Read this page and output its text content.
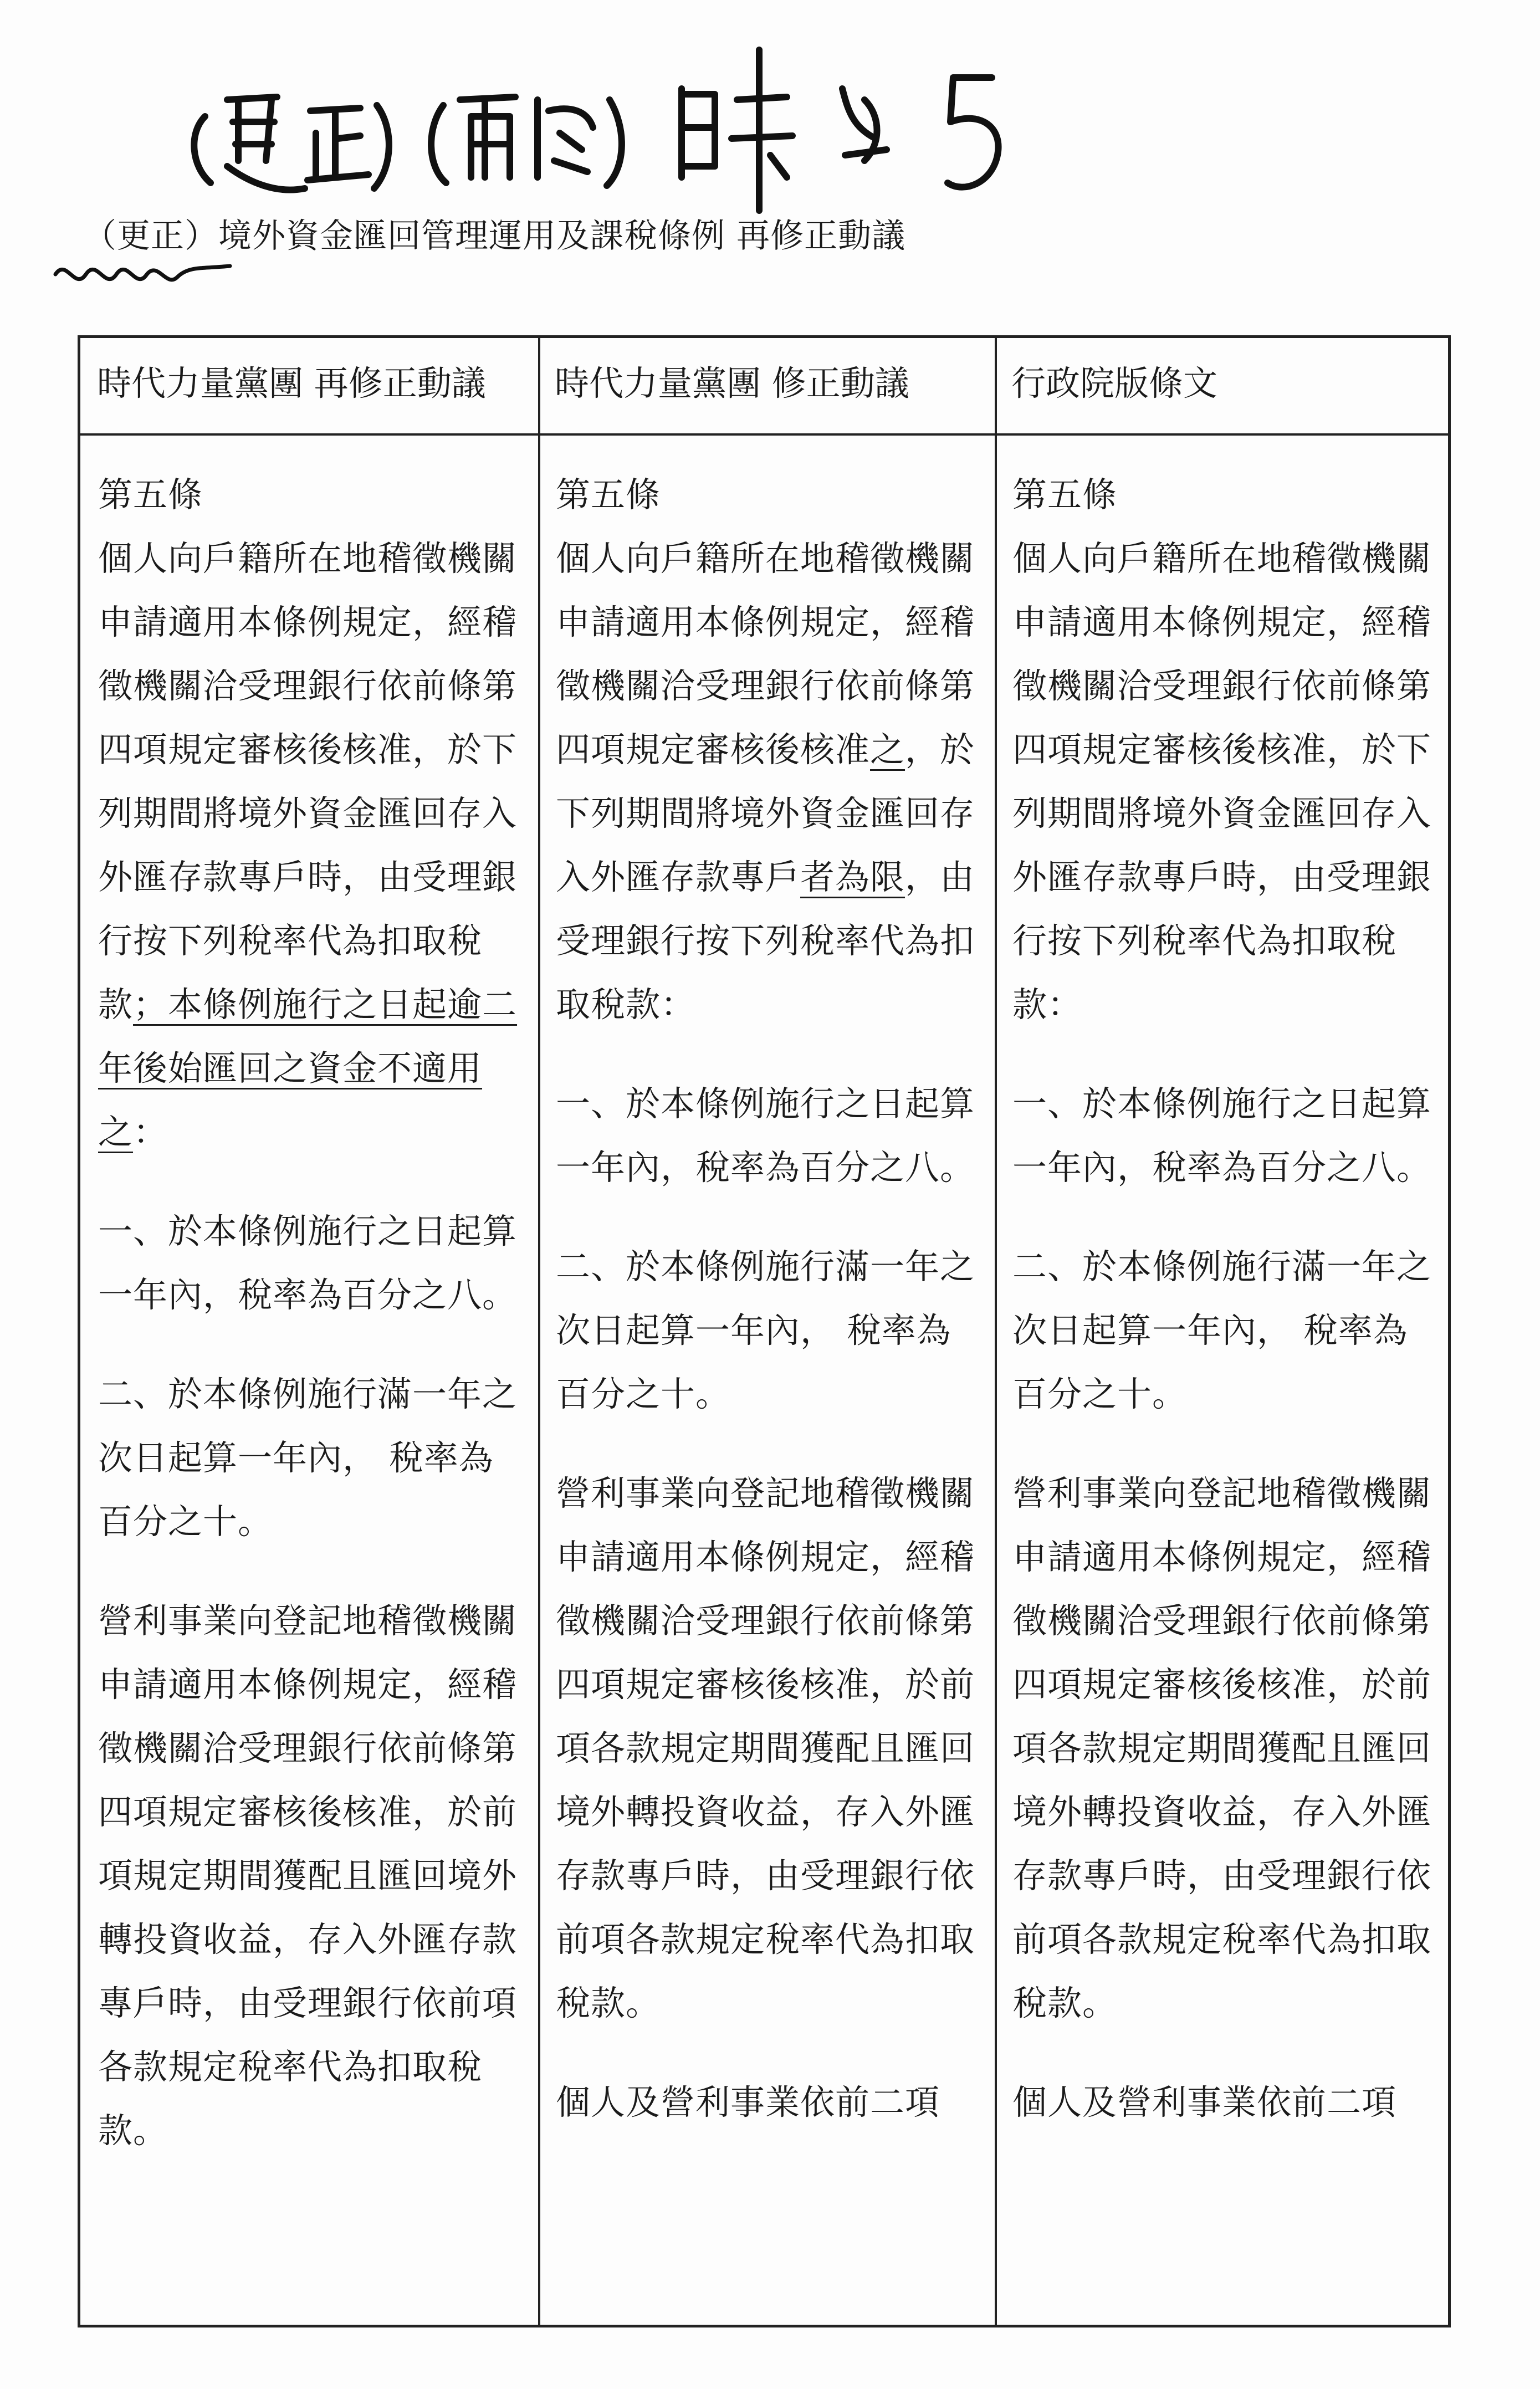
（更正）境外資金匯回管理運用及課稅條例 再修正動議
時代力量黨團 再修正動議 時代力量黨團 修正動議	行政院版條文

第五條

個人向戶籍所在地稽徵機關申請適用本條例規定，經稽徵機關洽受理銀行依前條第四項規定審核後核准，於下列期間將境外資金匯回存入外匯存款專戶時，由受理銀行按下列稅率代為扣取稅款；本條例施行之日起逾二年後始匯回之資金不適用之：

一、於本條例施行之日起算一年內，稅率為百分之八。

二、於本條例施行滿一年之次日起算一年內， 稅率為百分之十。

營利事業向登記地稽徵機關申請適用本條例規定，經稽徵機關洽受理銀行依前條第四項規定審核後核准，於前項規定期間獲配且匯回境外轉投資收益，存入外匯存款專戶時，由受理銀行依前項各款規定稅率代為扣取稅款。

第五條

個人向戶籍所在地稽徵機關申請適用本條例規定，經稽徵機關洽受理銀行依前條第四項規定審核後核准之，於下列期間將境外資金匯回存入外匯存款專戶者為限，由受理銀行按下列稅率代為扣取稅款：

一、於本條例施行之日起算一年內，稅率為百分之八。

二、於本條例施行滿一年之次日起算一年內， 稅率為百分之十。

營利事業向登記地稽徵機關申請適用本條例規定，經稽徵機關洽受理銀行依前條第四項規定審核後核准，於前項各款規定期間獲配且匯回境外轉投資收益，存入外匯存款專戶時，由受理銀行依前項各款規定稅率代為扣取稅款。

個人及營利事業依前二項

第五條

個人向戶籍所在地稽徵機關申請適用本條例規定，經稽徵機關洽受理銀行依前條第四項規定審核後核准，於下列期間將境外資金匯回存入外匯存款專戶時，由受理銀行按下列稅率代為扣取稅款：

一、於本條例施行之日起算一年內，稅率為百分之八。

二、於本條例施行滿一年之次日起算一年內， 稅率為百分之十。

營利事業向登記地稽徵機關申請適用本條例規定，經稽徵機關洽受理銀行依前條第四項規定審核後核准，於前項各款規定期間獲配且匯回境外轉投資收益，存入外匯存款專戶時，由受理銀行依前項各款規定稅率代為扣取稅款。

個人及營利事業依前二項
